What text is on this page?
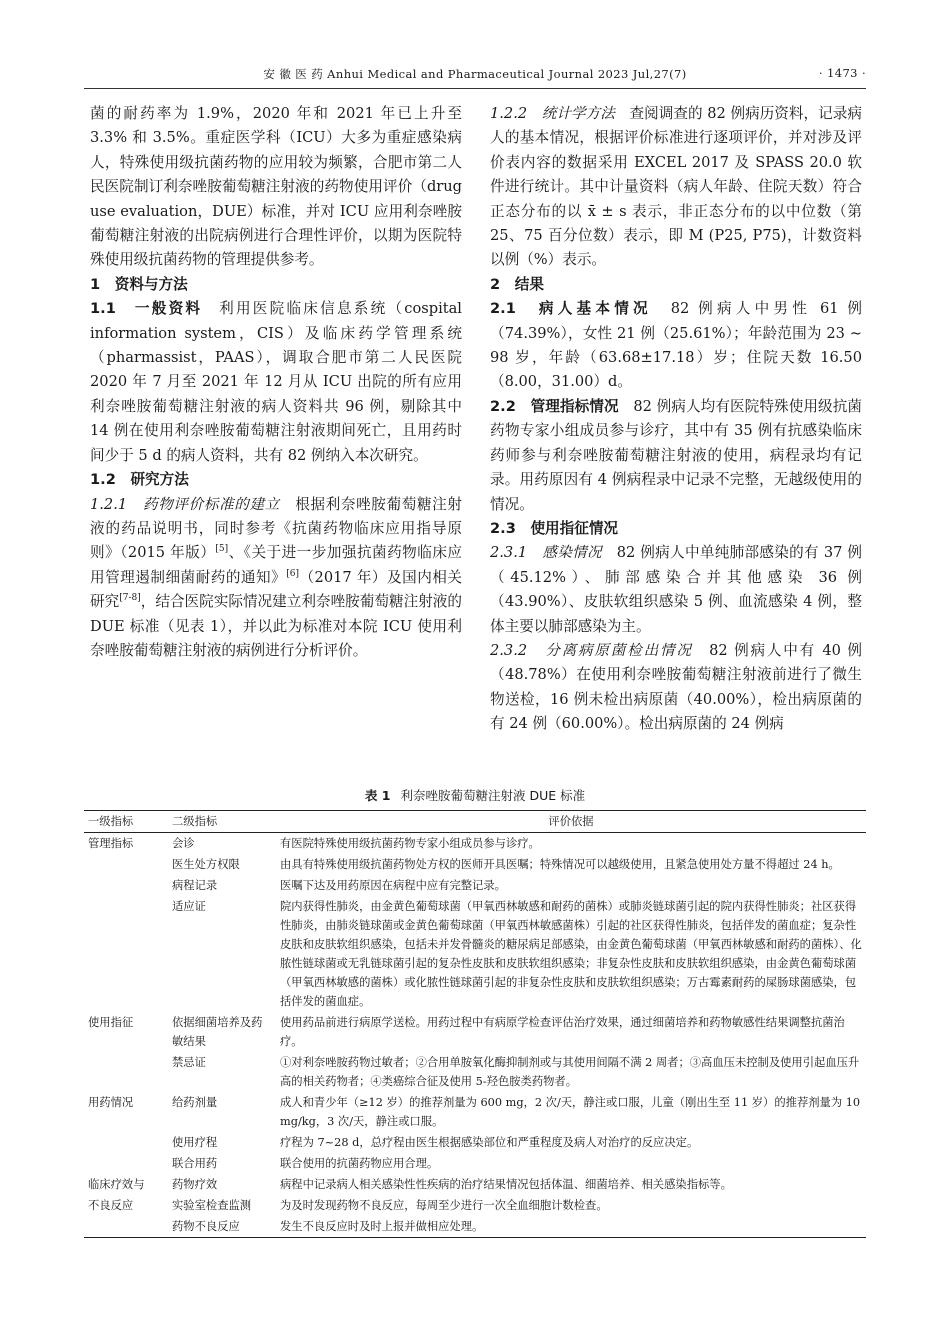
安 徽 医 药 Anhui Medical and Pharmaceutical Journal 2023 Jul,27(7)	· 1473 ·

菌的耐药率为 1.9%，2020 年和 2021 年已上升至 3.3% 和 3.5%。重症医学科（ICU）大多为重症感染病人，特殊使用级抗菌药物的应用较为频繁，合肥市第二人民医院制订利奈唑胺葡萄糖注射液的药物使用评价（drug use evaluation，DUE）标准，并对 ICU 应用利奈唑胺葡萄糖注射液的出院病例进行合理性评价，以期为医院特殊使用级抗菌药物的管理提供参考。

1　资料与方法

1.1　一般资料　 利用医院临床信息系统（cospital information system，CIS）及临床药学管理系统（pharmassist，PAAS），调取合肥市第二人民医院 2020 年 7 月至 2021 年 12 月从 ICU 出院的所有应用利奈唑胺葡萄糖注射液的病人资料共 96 例，剔除其中 14 例在使用利奈唑胺葡萄糖注射液期间死亡，且用药时间少于 5 d 的病人资料，共有 82 例纳入本次研究。

1.2　研究方法

1.2.1　药物评价标准的建立　 根据利奈唑胺葡萄糖注射液的药品说明书，同时参考《抗菌药物临床应用指导原则》（2015 年版）[5]、《关于进一步加强抗菌药物临床应用管理遏制细菌耐药的通知》[6]（2017 年）及国内相关研究[7-8]，结合医院实际情况建立利奈唑胺葡萄糖注射液的 DUE 标准（见表 1），并以此为标准对本院 ICU 使用利奈唑胺葡萄糖注射液的病例进行分析评价。

1.2.2　统计学方法　 查阅调查的 82 例病历资料，记录病人的基本情况，根据评价标准进行逐项评价，并对涉及评价表内容的数据采用 EXCEL 2017 及 SPASS 20.0 软件进行统计。其中计量资料（病人年龄、住院天数）符合正态分布的以 x̄ ± s 表示，非正态分布的以中位数（第 25、75 百分位数）表示，即 M (P25, P75)，计数资料以例（%）表示。

2　结果

2.1　病人基本情况　 82 例病人中男性 61 例（74.39%），女性 21 例（25.61%）；年龄范围为 23 ~ 98 岁，年龄（63.68±17.18）岁；住院天数 16.50（8.00，31.00）d。

2.2　管理指标情况　 82 例病人均有医院特殊使用级抗菌药物专家小组成员参与诊疗，其中有 35 例有抗感染临床药师参与利奈唑胺葡萄糖注射液的使用，病程录均有记录。用药原因有 4 例病程录中记录不完整，无越级使用的情况。

2.3　使用指征情况

2.3.1　感染情况　 82 例病人中单纯肺部感染的有 37 例（45.12%）、肺部感染合并其他感染 36 例（43.90%）、皮肤软组织感染 5 例、血流感染 4 例，整体主要以肺部感染为主。

2.3.2　分离病原菌检出情况　 82 例病人中有 40 例（48.78%）在使用利奈唑胺葡萄糖注射液前进行了微生物送检，16 例未检出病原菌（40.00%），检出病原菌的有 24 例（60.00%）。检出病原菌的 24 例病

表 1 利奈唑胺葡萄糖注射液 DUE 标准
一级指标	二级指标	评价依据
管理指标	会诊	有医院特殊使用级抗菌药物专家小组成员参与诊疗。
	医生处方权限	由具有特殊使用级抗菌药物处方权的医师开具医嘱；特殊情况可以越级使用，且紧急使用处方量不得超过 24 h。
	病程记录	医嘱下达及用药原因在病程中应有完整记录。
	适应证	院内获得性肺炎，由金黄色葡萄球菌（甲氧西林敏感和耐药的菌株）或肺炎链球菌引起的院内获得性肺炎；社区获得性肺炎，由肺炎链球菌或金黄色葡萄球菌（甲氧西林敏感菌株）引起的社区获得性肺炎，包括伴发的菌血症；复杂性皮肤和皮肤软组织感染，包括未并发骨髓炎的糖尿病足部感染，由金黄色葡萄球菌（甲氧西林敏感和耐药的菌株）、化脓性链球菌或无乳链球菌引起的复杂性皮肤和皮肤软组织感染；非复杂性皮肤和皮肤软组织感染，由金黄色葡萄球菌（甲氧西林敏感的菌株）或化脓性链球菌引起的非复杂性皮肤和皮肤软组织感染；万古霉素耐药的屎肠球菌感染，包括伴发的菌血症。
使用指征	依据细菌培养及药敏结果	使用药品前进行病原学送检。用药过程中有病原学检查评估治疗效果，通过细菌培养和药物敏感性结果调整抗菌治疗。
	禁忌证	①对利奈唑胺药物过敏者；②合用单胺氧化酶抑制剂或与其使用间隔不满 2 周者；③高血压未控制及使用引起血压升高的相关药物者；④类癌综合征及使用 5-羟色胺类药物者。
用药情况	给药剂量	成人和青少年（≥12 岁）的推荐剂量为 600 mg，2 次/天，静注或口服，儿童（刚出生至 11 岁）的推荐剂量为 10 mg/kg，3 次/天，静注或口服。
	使用疗程	疗程为 7~28 d，总疗程由医生根据感染部位和严重程度及病人对治疗的反应决定。
	联合用药	联合使用的抗菌药物应用合理。
临床疗效与	药物疗效	病程中记录病人相关感染性性疾病的治疗结果情况包括体温、细菌培养、相关感染指标等。
不良反应	实验室检查监测	为及时发现药物不良反应，每周至少进行一次全血细胞计数检查。
	药物不良反应	发生不良反应时及时上报并做相应处理。
